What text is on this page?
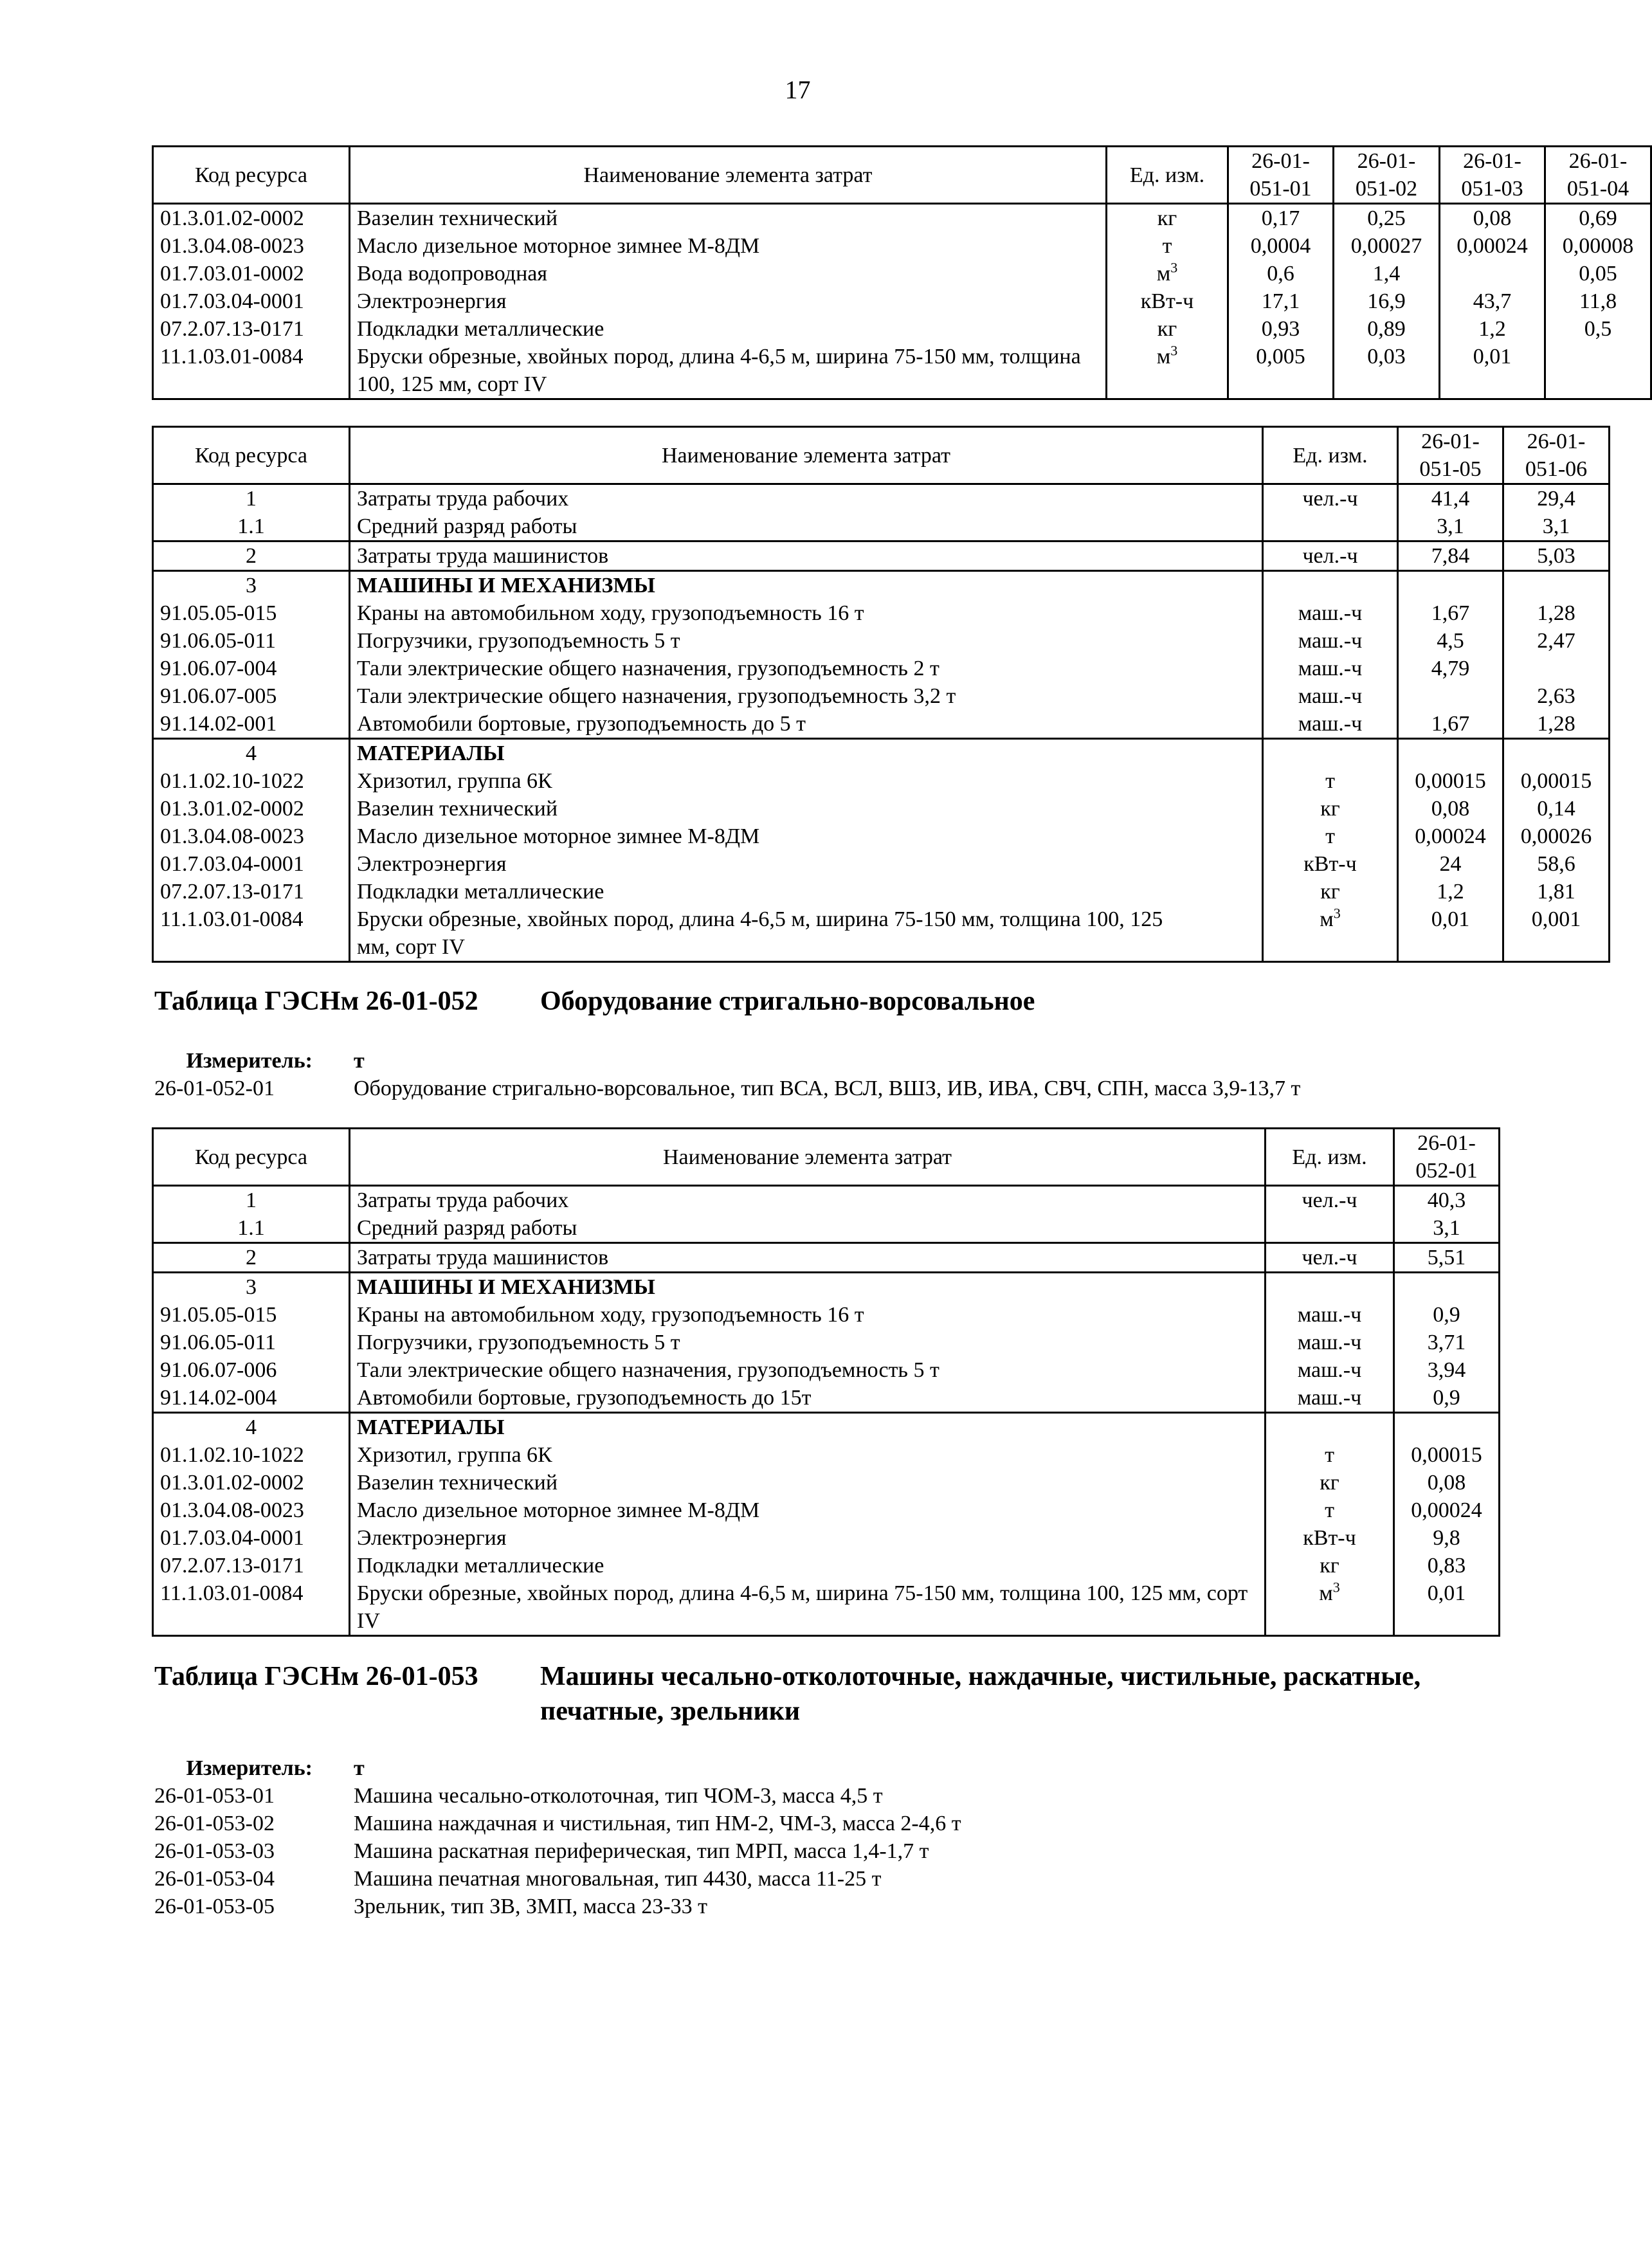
17
Код ресурса	Наименование элемента затрат	Ед. изм.	26-01-051-01	26-01-051-02	26-01-051-03	26-01-051-04
01.3.01.02-0002	Вазелин технический	кг	0,17	0,25	0,08	0,69
01.3.04.08-0023	Масло дизельное моторное зимнее М-8ДМ	т	0,0004	0,00027	0,00024	0,00008
01.7.03.01-0002	Вода водопроводная	$м^3$	0,6	1,4		0,05
01.7.03.04-0001	Электроэнергия	кВт-ч	17,1	16,9	43,7	11,8
07.2.07.13-0171	Подкладки металлические	кг	0,93	0,89	1,2	0,5
11.1.03.01-0084	Бруски обрезные, хвойных пород, длина 4-6,5 м, ширина 75-150 мм, толщина 100, 125 мм, сорт IV	$м^3$	0,005	0,03	0,01	
Код ресурса	Наименование элемента затрат	Ед. изм.	26-01-051-05	26-01-051-06
1	Затраты труда рабочих	чел.-ч	41,4	29,4
1.1	Средний разряд работы		3,1	3,1
2	Затраты труда машинистов	чел.-ч	7,84	5,03
3	МАШИНЫ И МЕХАНИЗМЫ			
91.05.05-015	Краны на автомобильном ходу, грузоподъемность 16 т	маш.-ч	1,67	1,28
91.06.05-011	Погрузчики, грузоподъемность 5 т	маш.-ч	4,5	2,47
91.06.07-004	Тали электрические общего назначения, грузоподъемность 2 т	маш.-ч	4,79	
91.06.07-005	Тали электрические общего назначения, грузоподъемность 3,2 т	маш.-ч		2,63
91.14.02-001	Автомобили бортовые, грузоподъемность до 5 т	маш.-ч	1,67	1,28
4	МАТЕРИАЛЫ			
01.1.02.10-1022	Хризотил, группа 6К	т	0,00015	0,00015
01.3.01.02-0002	Вазелин технический	кг	0,08	0,14
01.3.04.08-0023	Масло дизельное моторное зимнее М-8ДМ	т	0,00024	0,00026
01.7.03.04-0001	Электроэнергия	кВт-ч	24	58,6
07.2.07.13-0171	Подкладки металлические	кг	1,2	1,81
11.1.03.01-0084	Бруски обрезные, хвойных пород, длина 4-6,5 м, ширина 75-150 мм, толщина 100, 125 мм, сорт IV	$м^3$	0,01	0,001
Таблица ГЭСНм 26-01-052 Оборудование стригально-ворсовальное
Измеритель: т
26-01-052-01	Оборудование стригально-ворсовальное, тип ВСА, ВСЛ, ВШЗ, ИВ, ИВА, СВЧ, СПН, масса 3,9-13,7 т
Код ресурса	Наименование элемента затрат	Ед. изм.	26-01-052-01
1	Затраты труда рабочих	чел.-ч	40,3
1.1	Средний разряд работы		3,1
2	Затраты труда машинистов	чел.-ч	5,51
3	МАШИНЫ И МЕХАНИЗМЫ		
91.05.05-015	Краны на автомобильном ходу, грузоподъемность 16 т	маш.-ч	0,9
91.06.05-011	Погрузчики, грузоподъемность 5 т	маш.-ч	3,71
91.06.07-006	Тали электрические общего назначения, грузоподъемность 5 т	маш.-ч	3,94
91.14.02-004	Автомобили бортовые, грузоподъемность до 15т	маш.-ч	0,9
4	МАТЕРИАЛЫ		
01.1.02.10-1022	Хризотил, группа 6К	т	0,00015
01.3.01.02-0002	Вазелин технический	кг	0,08
01.3.04.08-0023	Масло дизельное моторное зимнее М-8ДМ	т	0,00024
01.7.03.04-0001	Электроэнергия	кВт-ч	9,8
07.2.07.13-0171	Подкладки металлические	кг	0,83
11.1.03.01-0084	Бруски обрезные, хвойных пород, длина 4-6,5 м, ширина 75-150 мм, толщина 100, 125 мм, сорт IV	$м^3$	0,01
Таблица ГЭСНм 26-01-053 Машины чесально-отколоточные, наждачные, чистильные, раскатные, печатные, зрельники
Измеритель: т
26-01-053-01	Машина чесально-отколоточная, тип ЧОМ-3, масса 4,5 т
26-01-053-02	Машина наждачная и чистильная, тип НМ-2, ЧМ-3, масса 2-4,6 т
26-01-053-03	Машина раскатная периферическая, тип МРП, масса 1,4-1,7 т
26-01-053-04	Машина печатная многовальная, тип 4430, масса 11-25 т
26-01-053-05	Зрельник, тип ЗВ, ЗМП, масса 23-33 т
